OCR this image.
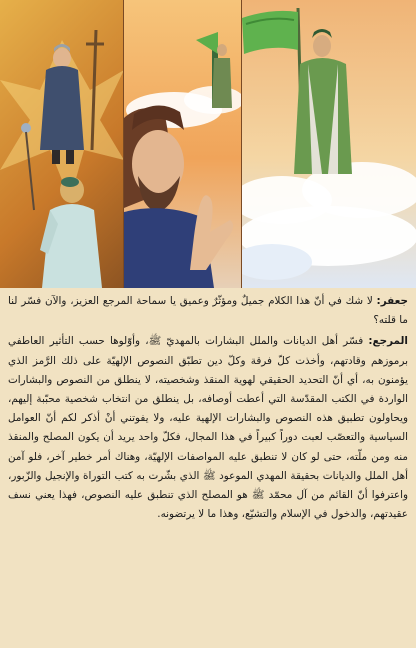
جعفر: لا شك في أنّ هذا الكلام جميلٌ ومؤثّرٌ وعميق يا سماحة المرجع العزيز، والآن فسّر لنا ما قلته؟

المرجع: فسّر أهل الديانات والملل البشارات بالمهديّ ﷺ، وأوّلوها حسب التأثير العاطفي برموزهم وقادتهم، وأخذت كلّ فرقة وكلّ دين تطبّق النصوص الإلهيّة على ذلك الرَّمز الذي يؤمنون به، أي أنّ التحديد الحقيقي لهوية المنقذ وشخصيته، لا ينطلق من النصوص والبشارات الواردة في الكتب المقدّسة التي أعطت أوصافه، بل ينطلق من انتخاب شخصية محبّبة إليهم، ويحاولون تطبيق هذه النصوص والبشارات الإلهية عليه، ولا يفوتني أنْ أذكر لكم أنّ العوامل السياسية والتعصّب لعبت دوراً كبيراً في هذا المجال، فكلّ واحد يريد أن يكون المصلح والمنقذ منه ومن ملّته، حتى لو كان لا تنطبق عليه المواصفات الإلهيّة، وهناك أمر خطير آخر، فلو آمن أهل الملل والديانات بحقيقة المهدي الموعود ﷺ الذي بشّرت به كتب التوراة والإنجيل والزّبور، واعترفوا أنّ القائم من آل محمّد ﷺ هو المصلح الذي تنطبق عليه النصوص، فهذا يعني نسف عقيدتهم، والدخول في الإسلام والتشيّع، وهذا ما لا يرتضونه.
